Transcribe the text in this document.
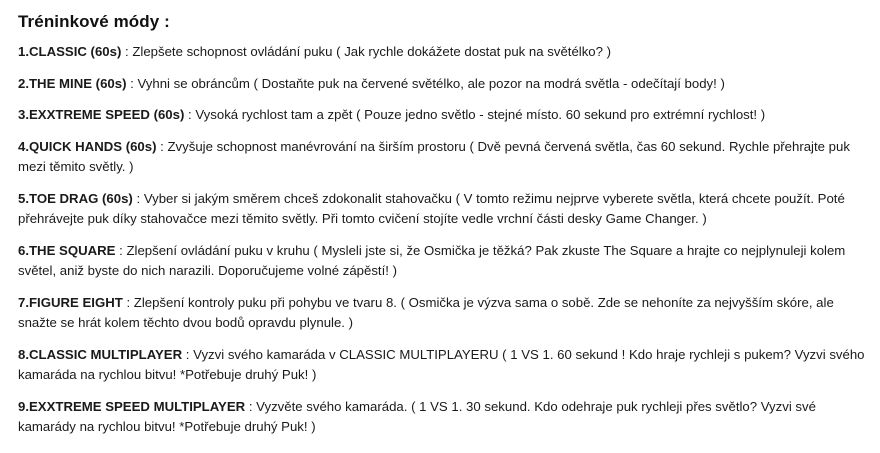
Tréninkové módy :
1.CLASSIC (60s) : Zlepšete schopnost ovládání puku ( Jak rychle dokážete dostat puk na světélko? )
2.THE MINE (60s) : Vyhni se obráncům ( Dostaňte puk na červené světélko, ale pozor na modrá světla - odečítají body! )
3.EXXTREME SPEED (60s) : Vysoká rychlost tam a zpět ( Pouze jedno světlo - stejné místo. 60 sekund pro extrémní rychlost! )
4.QUICK HANDS (60s) : Zvyšuje schopnost manévrování na širším prostoru ( Dvě pevná červená světla, čas 60 sekund. Rychle přehrajte puk mezi těmito světly. )
5.TOE DRAG (60s) : Vyber si jakým směrem chceš zdokonalit stahovačku ( V tomto režimu nejprve vyberete světla, která chcete použít. Poté přehrávejte puk díky stahovačce mezi těmito světly. Při tomto cvičení stojíte vedle vrchní části desky Game Changer. )
6.THE SQUARE : Zlepšení ovládání puku v kruhu ( Mysleli jste si, že Osmička je těžká? Pak zkuste The Square a hrajte co nejplynuleji kolem světel, aniž byste do nich narazili. Doporučujeme volné zápěstí! )
7.FIGURE EIGHT : Zlepšení kontroly puku při pohybu ve tvaru 8. ( Osmička je výzva sama o sobě. Zde se nehoníte za nejvyšším skóre, ale snažte se hrát kolem těchto dvou bodů opravdu plynule. )
8.CLASSIC MULTIPLAYER : Vyzvi svého kamaráda v CLASSIC MULTIPLAYERU ( 1 VS 1. 60 sekund ! Kdo hraje rychleji s pukem? Vyzvi svého kamaráda na rychlou bitvu! *Potřebuje druhý Puk! )
9.EXXTREME SPEED MULTIPLAYER : Vyzvěte svého kamaráda. ( 1 VS 1. 30 sekund. Kdo odehraje puk rychleji přes světlo? Vyzvi své kamarády na rychlou bitvu! *Potřebuje druhý Puk! )
